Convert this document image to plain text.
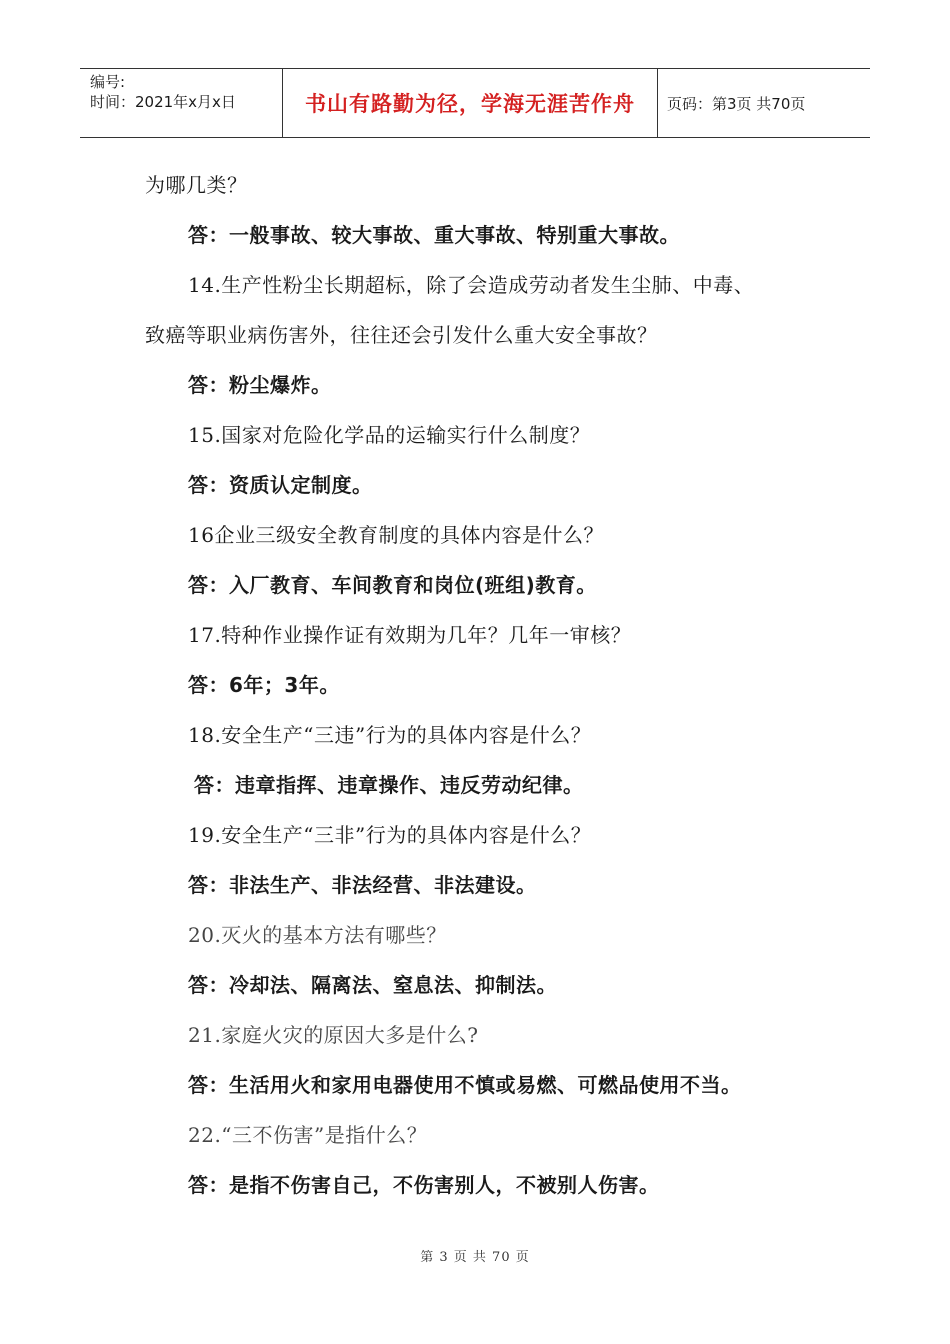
编号:
时间：2021年x月x日	书山有路勤为径，学海无涯苦作舟	页码：第3页 共70页
为哪几类？
答：一般事故、较大事故、重大事故、特别重大事故。
14.生产性粉尘长期超标，除了会造成劳动者发生尘肺、中毒、
致癌等职业病伤害外，往往还会引发什么重大安全事故？
答：粉尘爆炸。
15.国家对危险化学品的运输实行什么制度？
答：资质认定制度。
16企业三级安全教育制度的具体内容是什么？
答：入厂教育、车间教育和岗位(班组)教育。
17.特种作业操作证有效期为几年？几年一审核？
答：6年；3年。
18.安全生产“三违”行为的具体内容是什么？
答：违章指挥、违章操作、违反劳动纪律。
19.安全生产“三非”行为的具体内容是什么？
答：非法生产、非法经营、非法建设。
20.灭火的基本方法有哪些？
答：冷却法、隔离法、窒息法、抑制法。
21.家庭火灾的原因大多是什么?
答：生活用火和家用电器使用不慎或易燃、可燃品使用不当。
22.“三不伤害”是指什么？
答：是指不伤害自己，不伤害别人，不被别人伤害。
第 3 页 共 70 页
